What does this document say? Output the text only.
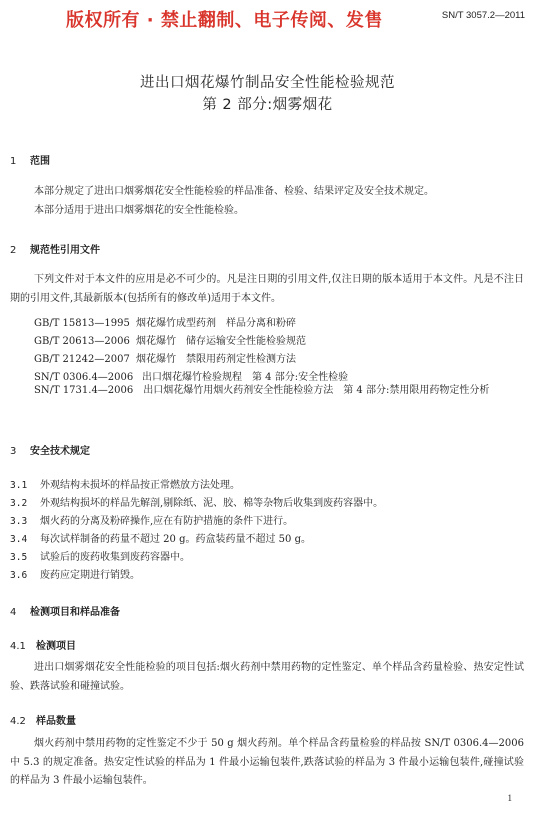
版权所有 · 禁止翻制、电子传阅、发售	SN/T 3057.2—2011
进出口烟花爆竹制品安全性能检验规范
第 2 部分:烟雾烟花
1 范围
本部分规定了进出口烟雾烟花安全性能检验的样品准备、检验、结果评定及安全技术规定。
本部分适用于进出口烟雾烟花的安全性能检验。
2 规范性引用文件
下列文件对于本文件的应用是必不可少的。凡是注日期的引用文件,仅注日期的版本适用于本文件。凡是不注日期的引用文件,其最新版本(包括所有的修改单)适用于本文件。
GB/T 15813—1995 烟花爆竹成型药剂　样品分离和粉碎
GB/T 20613—2006 烟花爆竹　储存运输安全性能检验规范
GB/T 21242—2007 烟花爆竹　禁限用药剂定性检测方法
SN/T 0306.4—2006 出口烟花爆竹检验规程　第 4 部分:安全性检验
SN/T 1731.4—2006　出口烟花爆竹用烟火药剂安全性能检验方法　第 4 部分:禁用限用药物定性分析
3 安全技术规定
3.1 外观结构未损坏的样品按正常燃放方法处理。
3.2 外观结构损坏的样品先解剖,剔除纸、泥、胶、棉等杂物后收集到废药容器中。
3.3 烟火药的分离及粉碎操作,应在有防护措施的条件下进行。
3.4 每次试样制备的药量不超过 20 g。药盒装药量不超过 50 g。
3.5 试验后的废药收集到废药容器中。
3.6 废药应定期进行销毁。
4 检测项目和样品准备
4.1 检测项目
进出口烟雾烟花安全性能检验的项目包括:烟火药剂中禁用药物的定性鉴定、单个样品含药量检验、热安定性试验、跌落试验和碰撞试验。
4.2 样品数量
烟火药剂中禁用药物的定性鉴定不少于 50 g 烟火药剂。单个样品含药量检验的样品按 SN/T 0306.4—2006 中 5.3 的规定准备。热安定性试验的样品为 1 件最小运输包装件,跌落试验的样品为 3 件最小运输包装件,碰撞试验的样品为 3 件最小运输包装件。
1
